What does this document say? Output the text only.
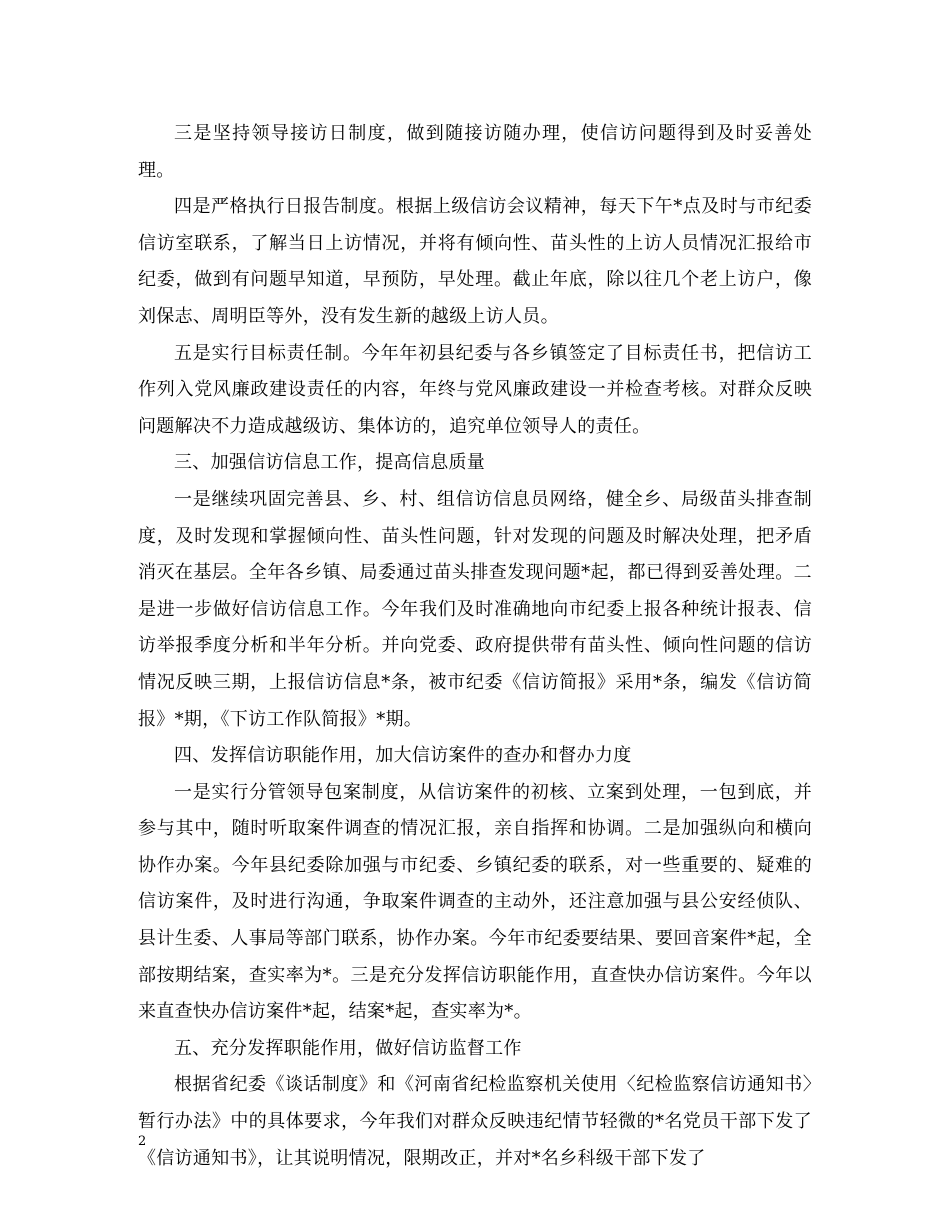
三是坚持领导接访日制度，做到随接访随办理，使信访问题得到及时妥善处理。

四是严格执行日报告制度。根据上级信访会议精神，每天下午*点及时与市纪委信访室联系，了解当日上访情况，并将有倾向性、苗头性的上访人员情况汇报给市纪委，做到有问题早知道，早预防，早处理。截止年底，除以往几个老上访户，像刘保志、周明臣等外，没有发生新的越级上访人员。

五是实行目标责任制。今年年初县纪委与各乡镇签定了目标责任书，把信访工作列入党风廉政建设责任的内容，年终与党风廉政建设一并检查考核。对群众反映问题解决不力造成越级访、集体访的，追究单位领导人的责任。

三、加强信访信息工作，提高信息质量

一是继续巩固完善县、乡、村、组信访信息员网络，健全乡、局级苗头排查制度，及时发现和掌握倾向性、苗头性问题，针对发现的问题及时解决处理，把矛盾消灭在基层。全年各乡镇、局委通过苗头排查发现问题*起，都已得到妥善处理。二是进一步做好信访信息工作。今年我们及时准确地向市纪委上报各种统计报表、信访举报季度分析和半年分析。并向党委、政府提供带有苗头性、倾向性问题的信访情况反映三期，上报信访信息*条，被市纪委《信访简报》采用*条，编发《信访简报》*期，《下访工作队简报》*期。

四、发挥信访职能作用，加大信访案件的查办和督办力度

一是实行分管领导包案制度，从信访案件的初核、立案到处理，一包到底，并参与其中，随时听取案件调查的情况汇报，亲自指挥和协调。二是加强纵向和横向协作办案。今年县纪委除加强与市纪委、乡镇纪委的联系，对一些重要的、疑难的信访案件，及时进行沟通，争取案件调查的主动外，还注意加强与县公安经侦队、县计生委、人事局等部门联系，协作办案。今年市纪委要结果、要回音案件*起，全部按期结案，查实率为*。三是充分发挥信访职能作用，直查快办信访案件。今年以来直查快办信访案件*起，结案*起，查实率为*。

五、充分发挥职能作用，做好信访监督工作

根据省纪委《谈话制度》和《河南省纪检监察机关使用〈纪检监察信访通知书〉暂行办法》中的具体要求，今年我们对群众反映违纪情节轻微的*名党员干部下发了《信访通知书》，让其说明情况，限期改正，并对*名乡科级干部下发了

2
